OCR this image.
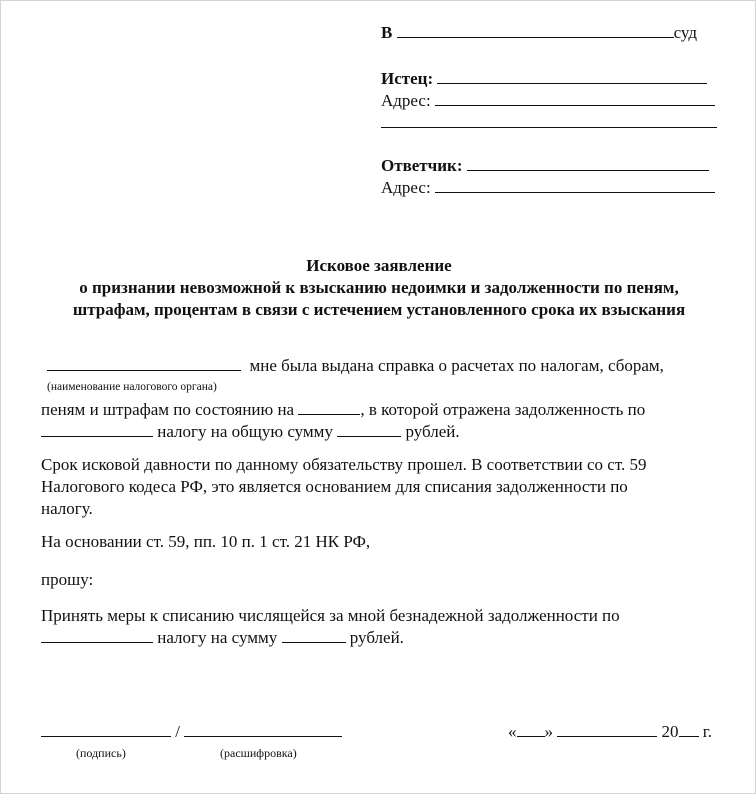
В	суд
Истец:
Адрес:
Ответчик:
Адрес:
Исковое заявление
о признании невозможной к взысканию недоимки и задолженности по пеням,
штрафам, процентам в связи с истечением установленного срока их взыскания
мне была выдана справка о расчетах по налогам, сборам,
(наименование налогового органа)
пеням и штрафам по состоянию на	, в которой отражена задолженность по
налогу на общую сумму	рублей.
Срок исковой давности по данному обязательству прошел. В соответствии со ст. 59
Налогового кодеса РФ, это является основанием для списания задолженности по
налогу.
На основании ст. 59, пп. 10 п. 1 ст. 21 НК РФ,
прошу:
Принять меры к списанию числящейся за мной безнадежной задолженности по
налогу на сумму	рублей.
/
(подпись)	(расшифровка)
« »	20 г.
